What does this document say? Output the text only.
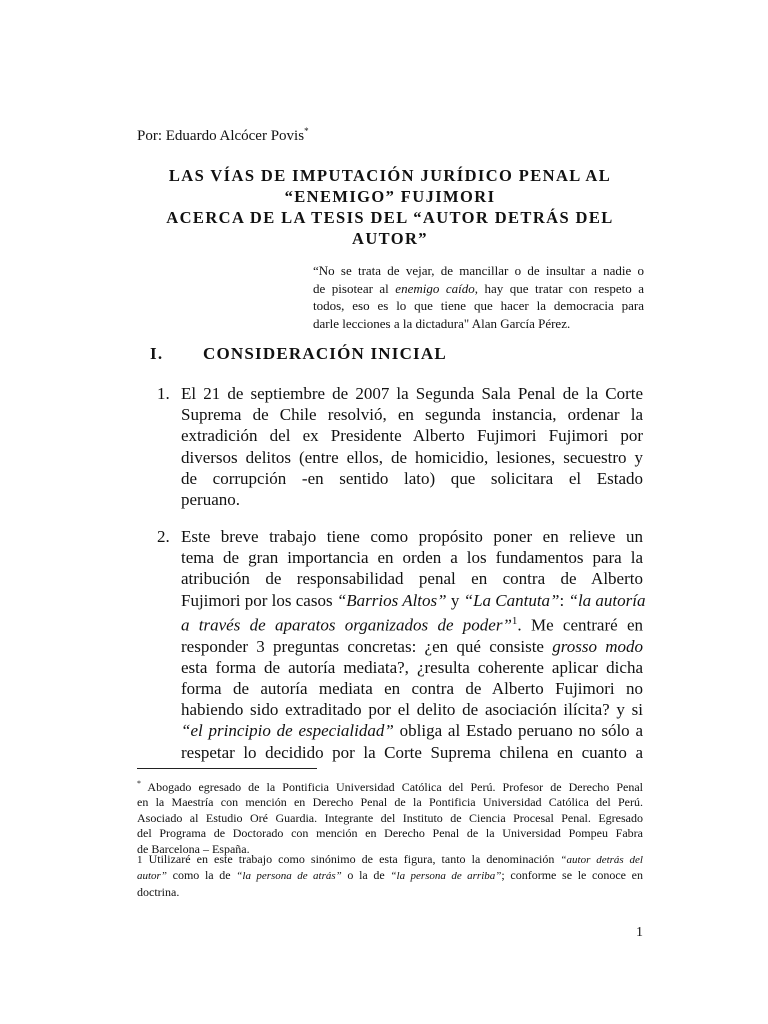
Por: Eduardo Alcócer Povis*
LAS VÍAS DE IMPUTACIÓN JURÍDICO PENAL AL
“ENEMIGO” FUJIMORI
ACERCA DE LA TESIS DEL “AUTOR DETRÁS DEL
AUTOR”
“No se trata de vejar, de mancillar o de insultar a nadie o
de pisotear al enemigo caído, hay que tratar con respeto a
todos, eso es lo que tiene que hacer la democracia para
darle lecciones a la dictadura" Alan García Pérez.
I. CONSIDERACIÓN INICIAL
1. El 21 de septiembre de 2007 la Segunda Sala Penal de la Corte
Suprema de Chile resolvió, en segunda instancia, ordenar la
extradición del ex Presidente Alberto Fujimori Fujimori por
diversos delitos (entre ellos, de homicidio, lesiones, secuestro y
de corrupción -en sentido lato) que solicitara el Estado
peruano.
2. Este breve trabajo tiene como propósito poner en relieve un
tema de gran importancia en orden a los fundamentos para la
atribución de responsabilidad penal en contra de Alberto
Fujimori por los casos “Barrios Altos” y “La Cantuta”: “la autoría
a través de aparatos organizados de poder”$^1$. Me centraré en
responder 3 preguntas concretas: ¿en qué consiste grosso modo
esta forma de autoría mediata?, ¿resulta coherente aplicar dicha
forma de autoría mediata en contra de Alberto Fujimori no
habiendo sido extraditado por el delito de asociación ilícita? y si
“el principio de especialidad” obliga al Estado peruano no sólo a
respetar lo decidido por la Corte Suprema chilena en cuanto a
* Abogado egresado de la Pontificia Universidad Católica del Perú. Profesor de Derecho Penal
en la Maestría con mención en Derecho Penal de la Pontificia Universidad Católica del Perú.
Asociado al Estudio Oré Guardia. Integrante del Instituto de Ciencia Procesal Penal. Egresado
del Programa de Doctorado con mención en Derecho Penal de la Universidad Pompeu Fabra
de Barcelona – España.
1 Utilizaré en este trabajo como sinónimo de esta figura, tanto la denominación “autor detrás del
autor” como la de “la persona de atrás” o la de “la persona de arriba”; conforme se le conoce en
doctrina.
1
